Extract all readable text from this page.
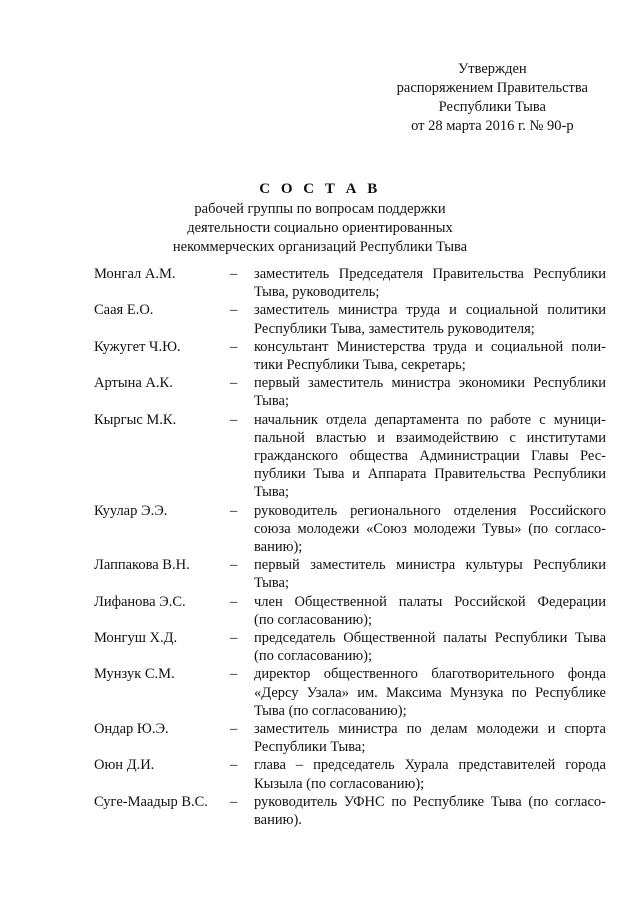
Утвержден
распоряжением Правительства
Республики Тыва
от 28 марта 2016 г. № 90-р
С О С Т А В
рабочей группы по вопросам поддержки
деятельности социально ориентированных
некоммерческих организаций Республики Тыва
Монгал А.М.	–	заместитель Председателя Правительства Республики
Тыва, руководитель;
Саая Е.О.	–	заместитель министра труда и социальной политики
Республики Тыва, заместитель руководителя;
Кужугет Ч.Ю.	–	консультант Министерства труда и социальной поли-
тики Республики Тыва, секретарь;
Артына А.К.	–	первый заместитель министра экономики Республики
Тыва;
Кыргыс М.К.	–	начальник отдела департамента по работе с муници-
пальной властью и взаимодействию с институтами
гражданского общества Администрации Главы Рес-
публики Тыва и Аппарата Правительства Республики
Тыва;
Куулар Э.Э.	–	руководитель регионального отделения Российского
союза молодежи «Союз молодежи Тувы» (по согласо-
ванию);
Лаппакова В.Н.	–	первый заместитель министра культуры Республики
Тыва;
Лифанова Э.С.	–	член Общественной палаты Российской Федерации
(по согласованию);
Монгуш Х.Д.	–	председатель Общественной палаты Республики Тыва
(по согласованию);
Мунзук С.М.	–	директор общественного благотворительного фонда
«Дерсу Узала» им. Максима Мунзука по Республике
Тыва (по согласованию);
Ондар Ю.Э.	–	заместитель министра по делам молодежи и спорта
Республики Тыва;
Оюн Д.И.	–	глава – председатель Хурала представителей города
Кызыла (по согласованию);
Суге-Маадыр В.С.	–	руководитель УФНС по Республике Тыва (по согласо-
ванию).
